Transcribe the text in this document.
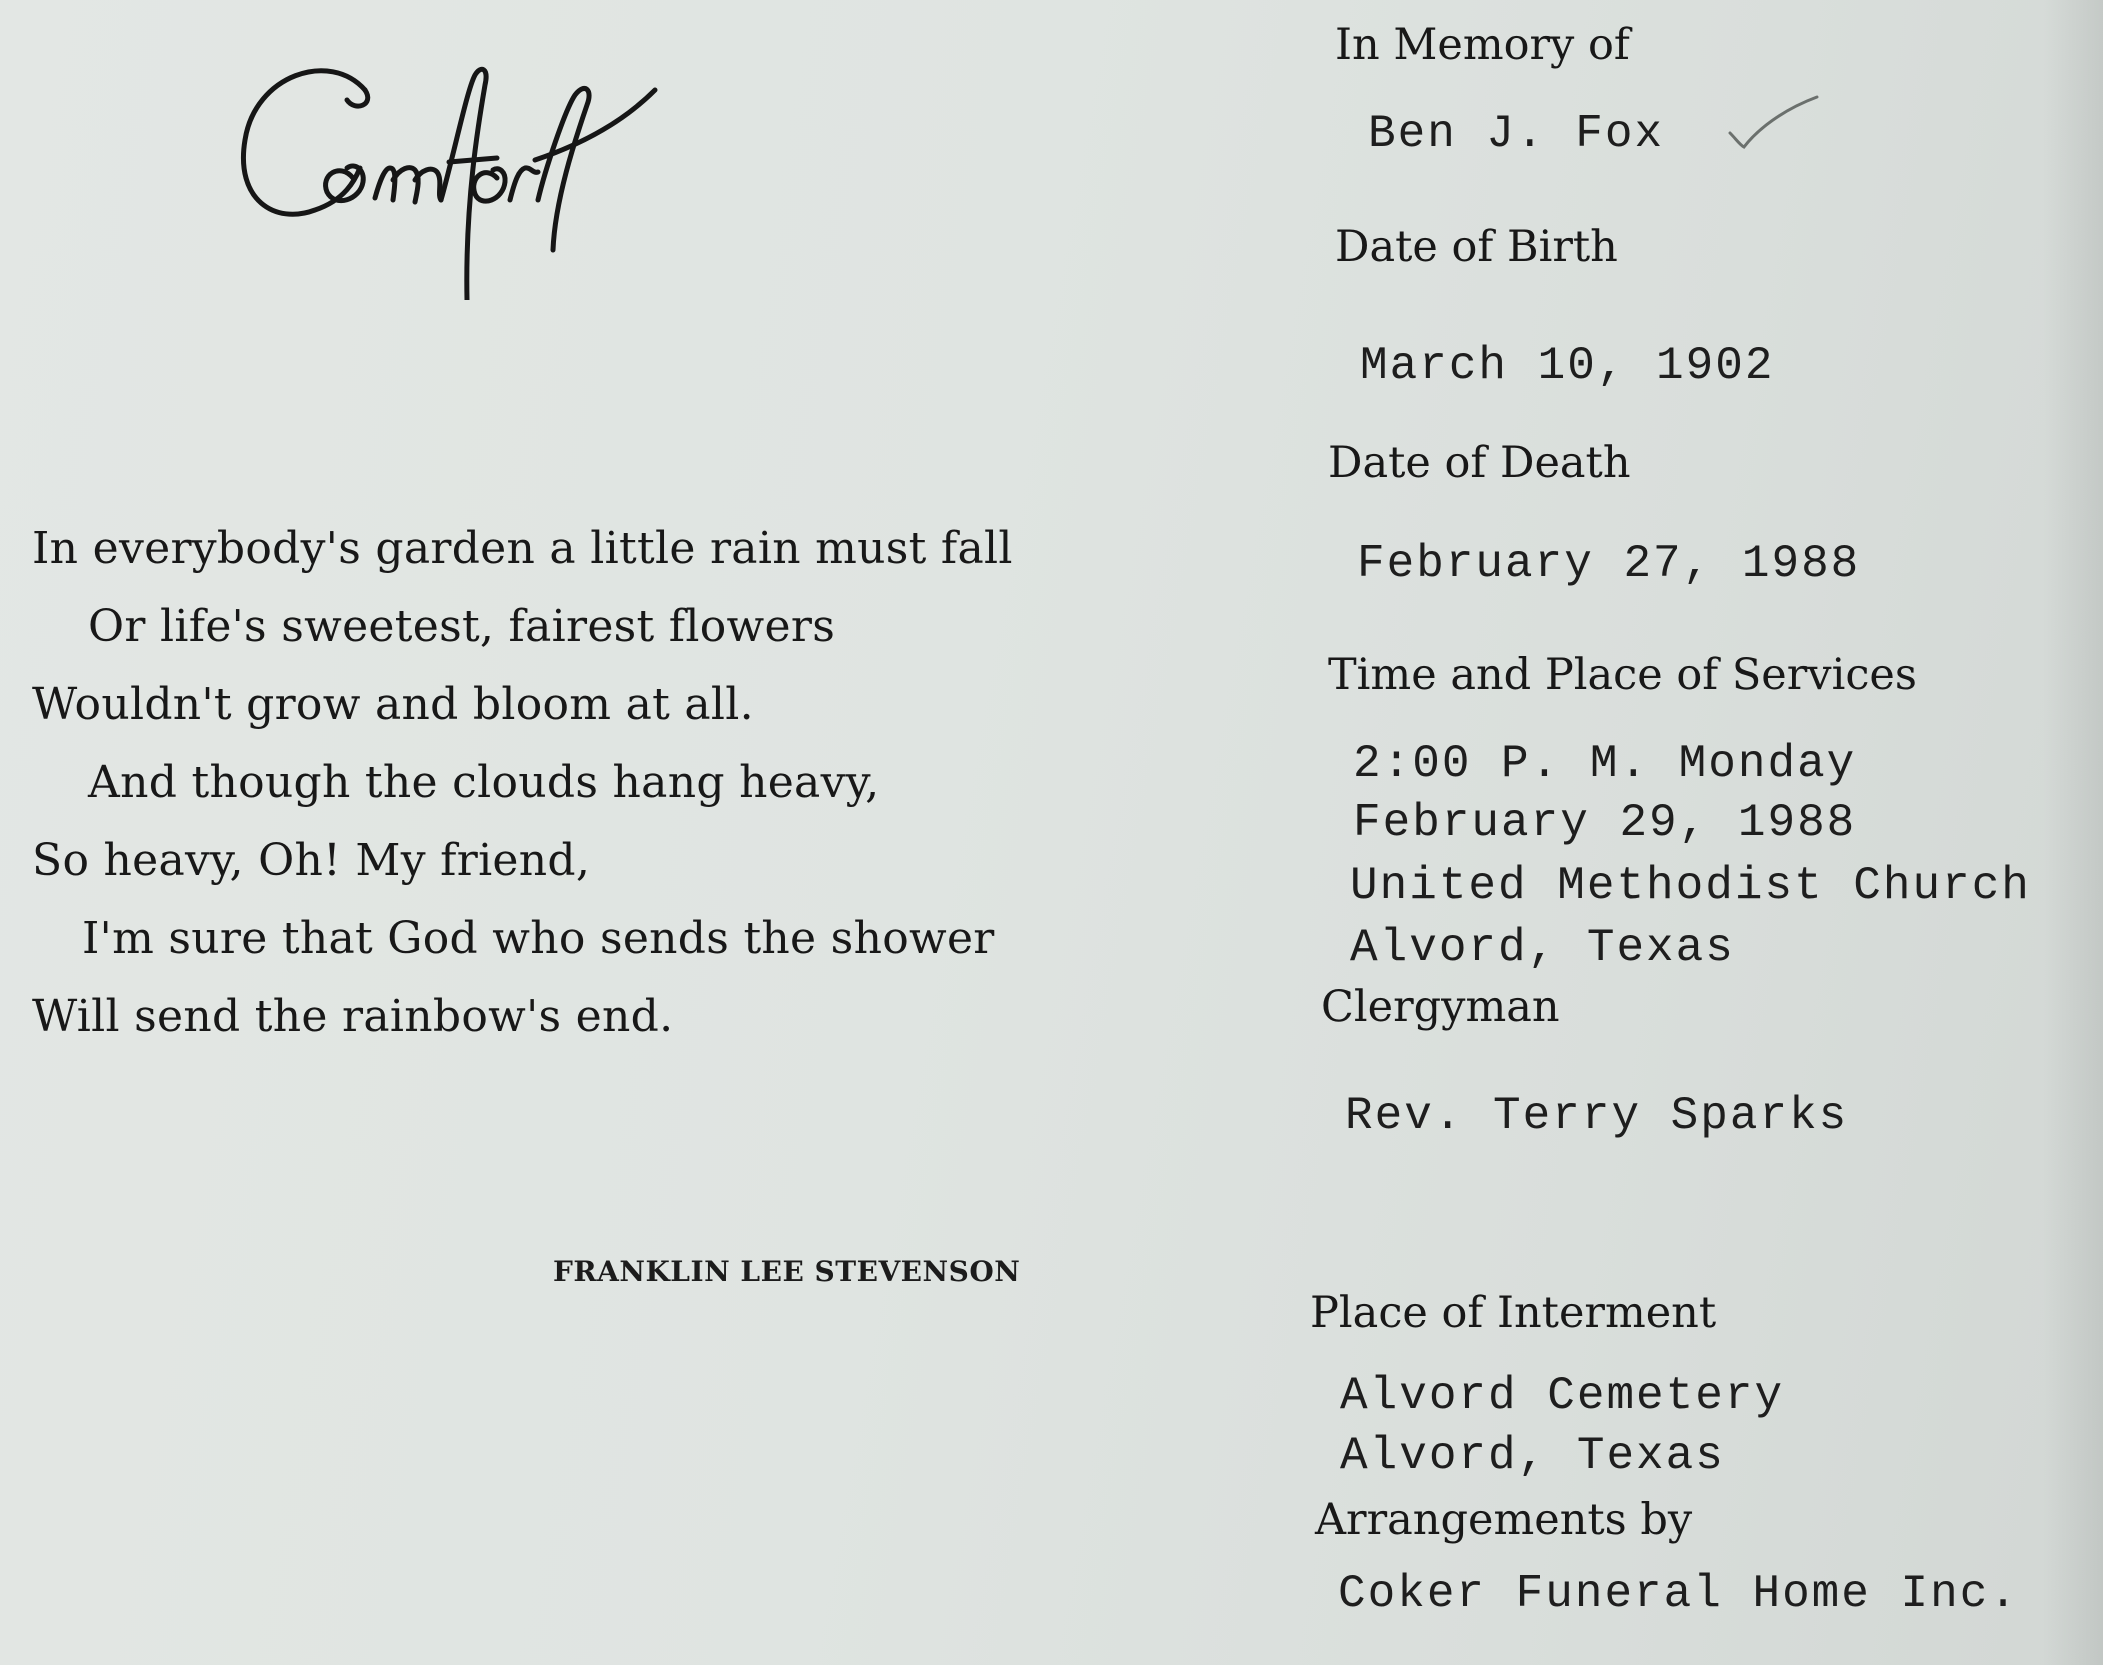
In everybody's garden a little rain must fall
Or life's sweetest, fairest flowers
Wouldn't grow and bloom at all.
And though the clouds hang heavy,
So heavy, Oh! My friend,
I'm sure that God who sends the shower
Will send the rainbow's end.
FRANKLIN LEE STEVENSON
In Memory of
Ben J. Fox
Date of Birth
March 10, 1902
Date of Death
February 27, 1988
Time and Place of Services
2:00 P. M. Monday
February 29, 1988
United Methodist Church
Alvord, Texas
Clergyman
Rev. Terry Sparks
Place of Interment
Alvord Cemetery
Alvord, Texas
Arrangements by
Coker Funeral Home Inc.
